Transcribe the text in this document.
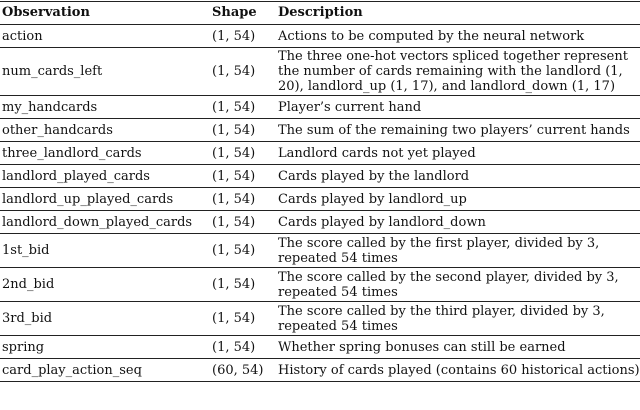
Observation	Shape	Description
action	(1, 54)	Actions to be computed by the neural network
num_cards_left	(1, 54)	The three one-hot vectors spliced together represent the number of cards remaining with the landlord (1, 20), landlord_up (1, 17), and landlord_down (1, 17)
my_handcards	(1, 54)	Player’s current hand
other_handcards	(1, 54)	The sum of the remaining two players’ current hands
three_landlord_cards	(1, 54)	Landlord cards not yet played
landlord_played_cards	(1, 54)	Cards played by the landlord
landlord_up_played_cards	(1, 54)	Cards played by landlord_up
landlord_down_played_cards	(1, 54)	Cards played by landlord_down
1st_bid	(1, 54)	The score called by the first player, divided by 3, repeated 54 times
2nd_bid	(1, 54)	The score called by the second player, divided by 3, repeated 54 times
3rd_bid	(1, 54)	The score called by the third player, divided by 3, repeated 54 times
spring	(1, 54)	Whether spring bonuses can still be earned
card_play_action_seq	(60, 54)	History of cards played (contains 60 historical actions)
